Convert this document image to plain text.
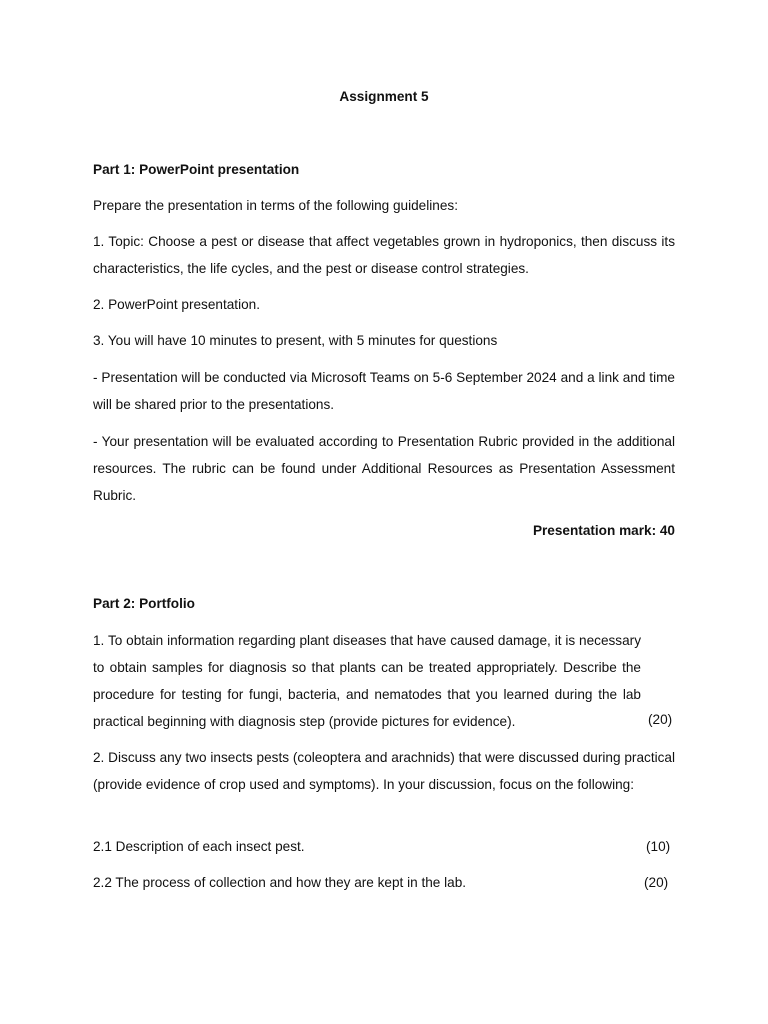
Assignment 5
Part 1: PowerPoint presentation

Prepare the presentation in terms of the following guidelines:

1. Topic: Choose a pest or disease that affect vegetables grown in hydroponics, then discuss its characteristics, the life cycles, and the pest or disease control strategies.

2. PowerPoint presentation.

3. You will have 10 minutes to present, with 5 minutes for questions

- Presentation will be conducted via Microsoft Teams on 5-6 September 2024 and a link and time will be shared prior to the presentations.

- Your presentation will be evaluated according to Presentation Rubric provided in the additional resources. The rubric can be found under Additional Resources as Presentation Assessment Rubric.

Presentation mark: 40
Part 2: Portfolio

1. To obtain information regarding plant diseases that have caused damage, it is necessary to obtain samples for diagnosis so that plants can be treated appropriately. Describe the procedure for testing for fungi, bacteria, and nematodes that you learned during the lab practical beginning with diagnosis step (provide pictures for evidence).	(20)

2. Discuss any two insects pests (coleoptera and arachnids) that were discussed during practical (provide evidence of crop used and symptoms). In your discussion, focus on the following:

2.1 Description of each insect pest.	(10)
2.2 The process of collection and how they are kept in the lab.	(20)
